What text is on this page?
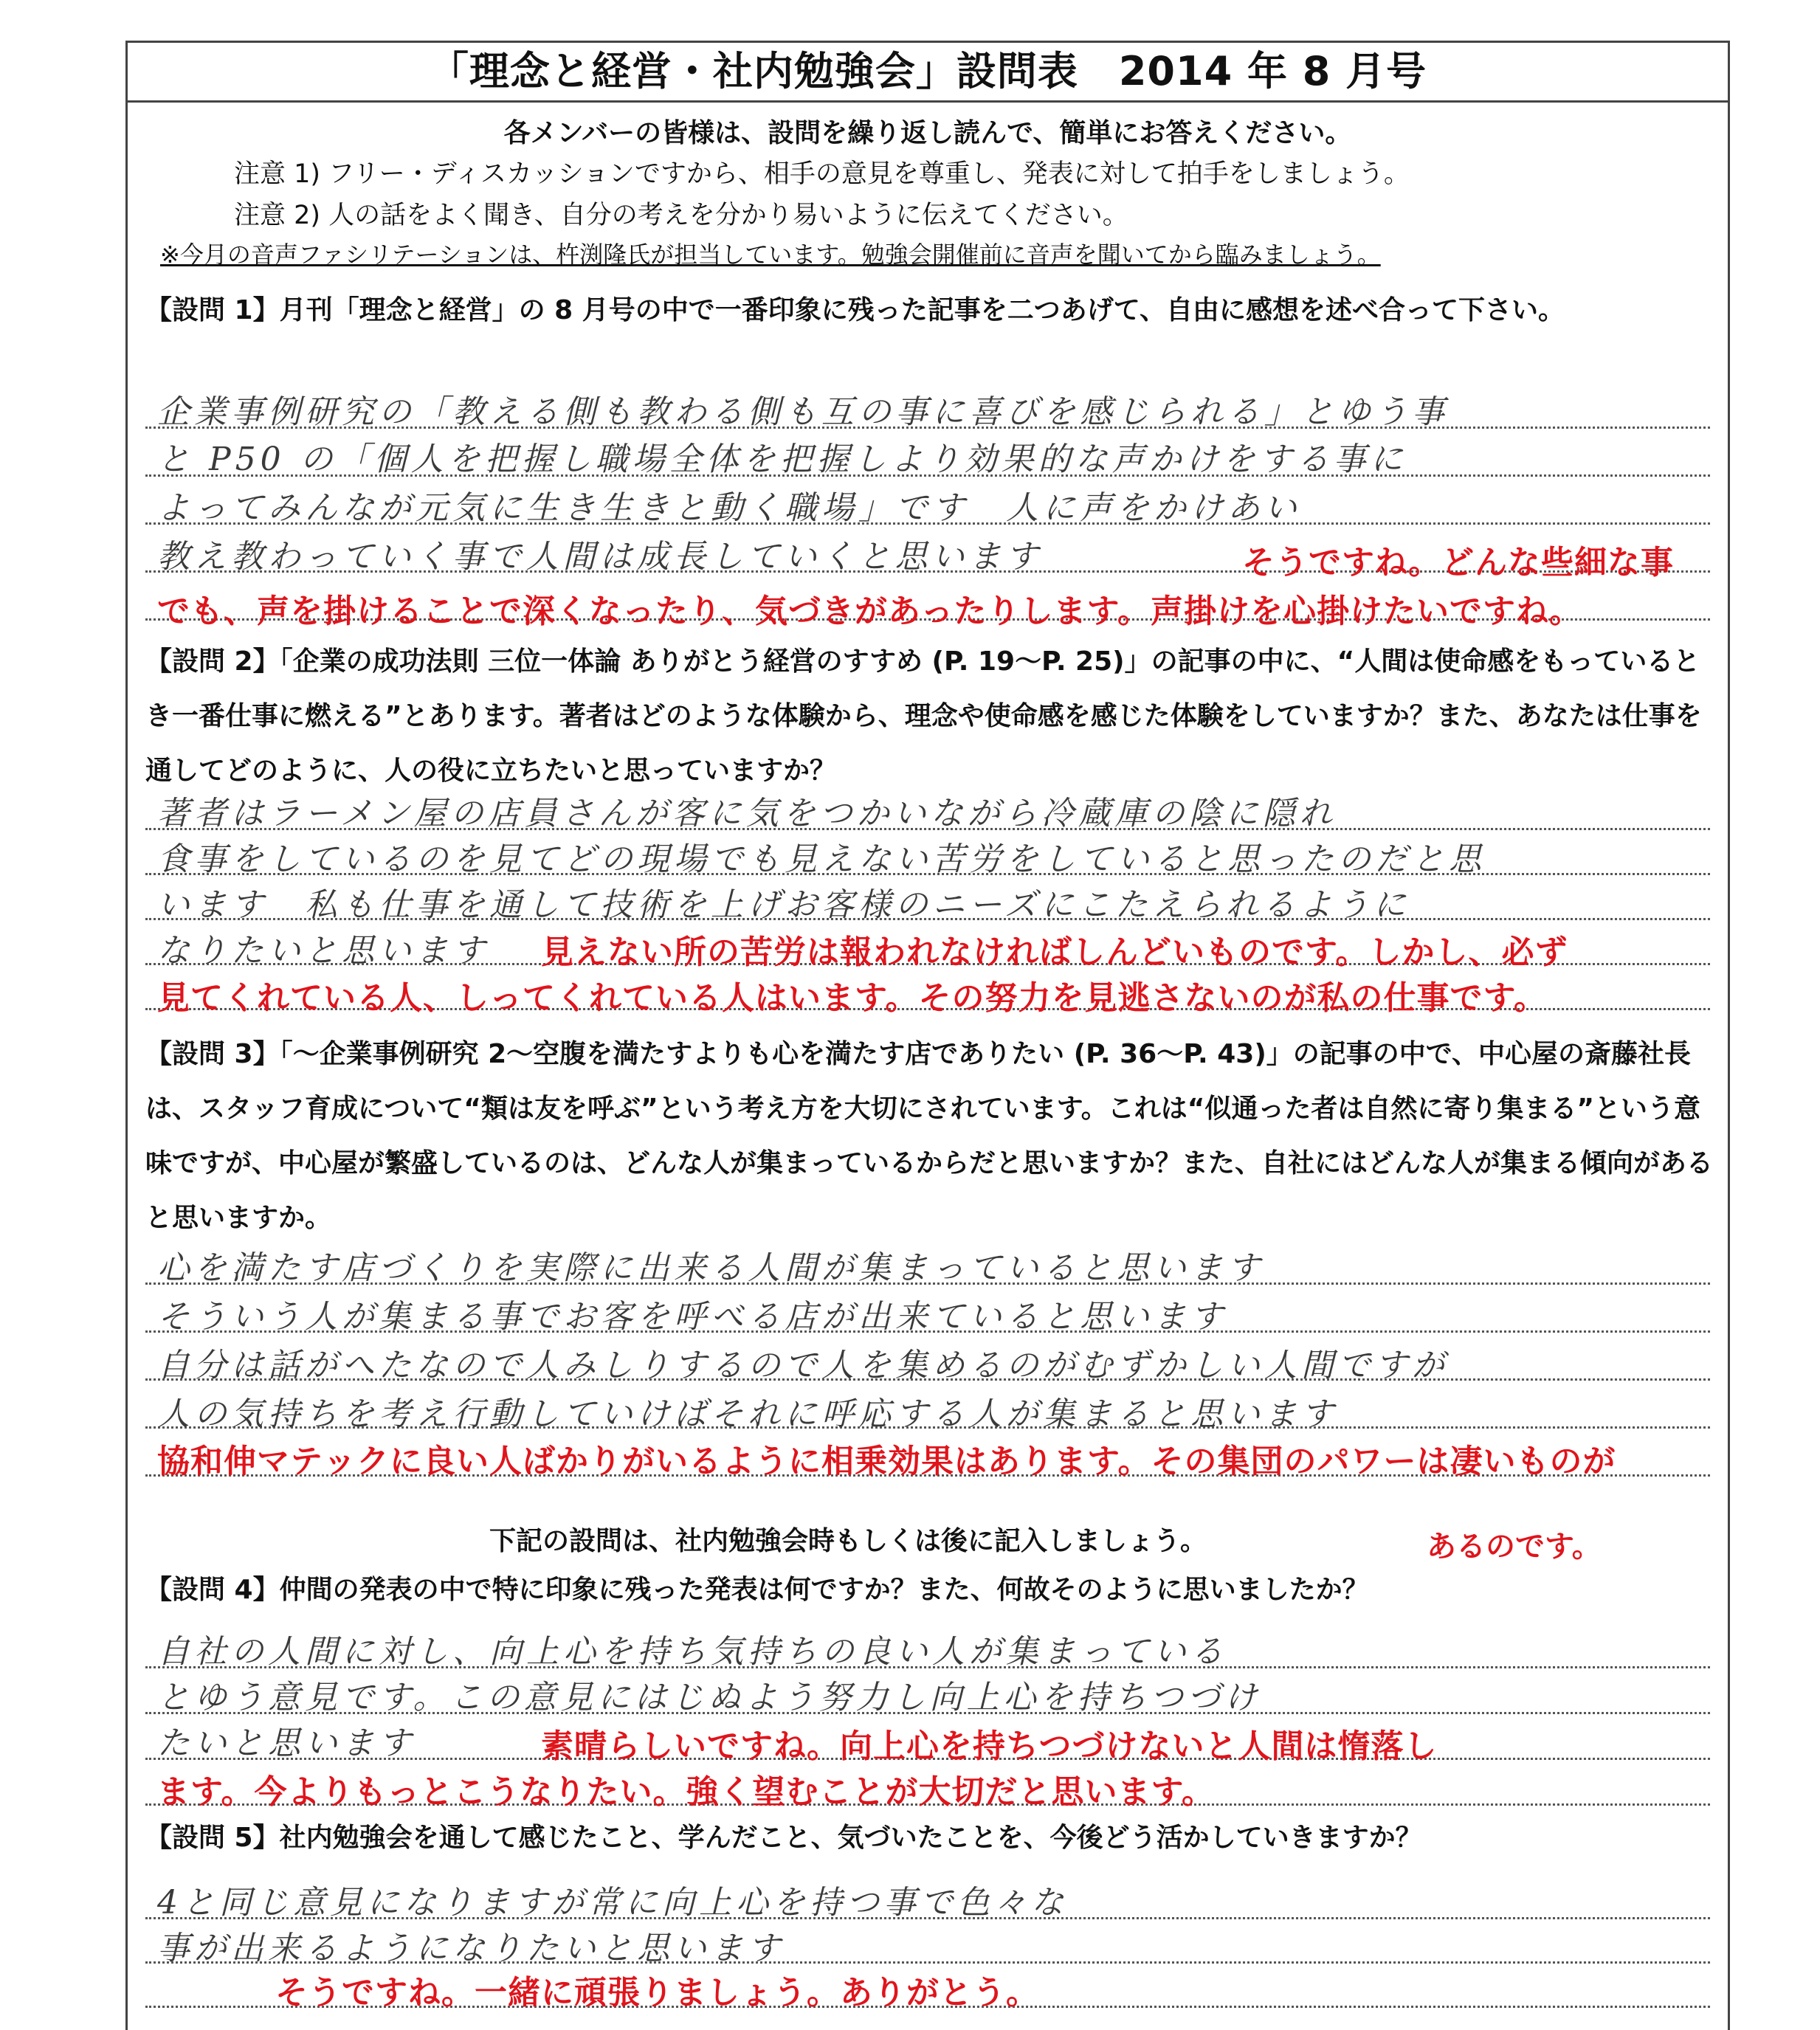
「理念と経営・社内勉強会」設問表　2014 年 8 月号
各メンバーの皆様は、設問を繰り返し読んで、簡単にお答えください。
注意 1) フリー・ディスカッションですから、相手の意見を尊重し、発表に対して拍手をしましょう。
注意 2) 人の話をよく聞き、自分の考えを分かり易いように伝えてください。
※今月の音声ファシリテーションは、杵渕隆氏が担当しています。勉強会開催前に音声を聞いてから臨みましょう。
【設問 1】月刊「理念と経営」の 8 月号の中で一番印象に残った記事を二つあげて、自由に感想を述べ合って下さい。
企業事例研究の「教える側も教わる側も互の事に喜びを感じられる」とゆう事
と P50 の「個人を把握し職場全体を把握しより効果的な声かけをする事に
よってみんなが元気に生き生きと動く職場」です　人に声をかけあい
教え教わっていく事で人間は成長していくと思います	そうですね。どんな些細な事
でも、声を掛けることで深くなったり、気づきがあったりします。声掛けを心掛けたいですね。
【設問 2】「企業の成功法則 三位一体論 ありがとう経営のすすめ (P. 19〜P. 25)」の記事の中に、“人間は使命感をもっているとき一番仕事に燃える”とあります。著者はどのような体験から、理念や使命感を感じた体験をしていますか？また、あなたは仕事を通してどのように、人の役に立ちたいと思っていますか？
著者はラーメン屋の店員さんが客に気をつかいながら冷蔵庫の陰に隠れ
食事をしているのを見てどの現場でも見えない苦労をしていると思ったのだと思
います　私も仕事を通して技術を上げお客様のニーズにこたえられるように
なりたいと思います	見えない所の苦労は報われなければしんどいものです。しかし、必ず
見てくれている人、しってくれている人はいます。その努力を見逃さないのが私の仕事です。
【設問 3】「〜企業事例研究 2〜空腹を満たすよりも心を満たす店でありたい (P. 36〜P. 43)」の記事の中で、中心屋の斎藤社長は、スタッフ育成について“類は友を呼ぶ”という考え方を大切にされています。これは“似通った者は自然に寄り集まる”という意味ですが、中心屋が繁盛しているのは、どんな人が集まっているからだと思いますか？また、自社にはどんな人が集まる傾向があると思いますか。
心を満たす店づくりを実際に出来る人間が集まっていると思います
そういう人が集まる事でお客を呼べる店が出来ていると思います
自分は話がへたなので人みしりするので人を集めるのがむずかしい人間ですが
人の気持ちを考え行動していけばそれに呼応する人が集まると思います
協和伸マテックに良い人ばかりがいるように相乗効果はあります。その集団のパワーは凄いものが
下記の設問は、社内勉強会時もしくは後に記入しましょう。	あるのです。
【設問 4】仲間の発表の中で特に印象に残った発表は何ですか？また、何故そのように思いましたか？
自社の人間に対し、向上心を持ち気持ちの良い人が集まっている
とゆう意見です。この意見にはじぬよう努力し向上心を持ちつづけ
たいと思います	素晴らしいですね。向上心を持ちつづけないと人間は惰落し
ます。今よりもっとこうなりたい。強く望むことが大切だと思います。
【設問 5】社内勉強会を通して感じたこと、学んだこと、気づいたことを、今後どう活かしていきますか？
4と同じ意見になりますが常に向上心を持つ事で色々な
事が出来るようになりたいと思います
そうですね。一緒に頑張りましょう。ありがとう。
